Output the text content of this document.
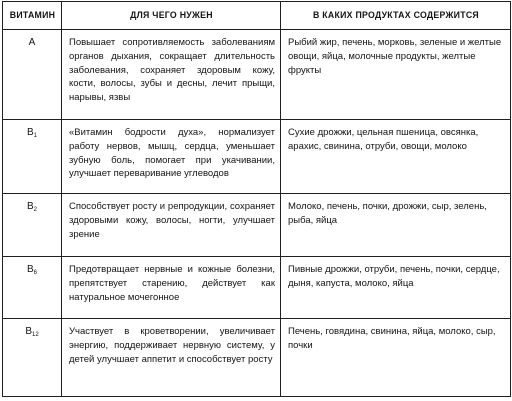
ВИТАМИН	ДЛЯ ЧЕГО НУЖЕН	В КАКИХ ПРОДУКТАХ СОДЕРЖИТСЯ
A	Повышает сопротивляемость заболеваниям органов дыхания, сокращает длительность заболевания, сохраняет здоровым кожу, кости, волосы, зубы и десны, лечит прыщи, нарывы, язвы	Рыбий жир, печень, морковь, зеленые и желтые овощи, яйца, молочные продукты, желтые фрукты

$B_1$	«Витамин бодрости духа», нормализует работу нервов, мышц, сердца, уменьшает зубную боль, помогает при укачивании, улучшает переваривание углеводов	Сухие дрожжи, цельная пшеница, овсянка, арахис, свинина, отруби, овощи, молоко

$B_2$	Способствует росту и репродукции, сохраняет здоровыми кожу, волосы, ногти, улучшает зрение	Молоко, печень, почки, дрожжи, сыр, зелень, рыба, яйца

$B_6$	Предотвращает нервные и кожные болезни, препятствует старению, действует как натуральное мочегонное	Пивные дрожжи, отруби, печень, почки, сердце, дыня, капуста, молоко, яйца

$B_{12}$	Участвует в кроветворении, увеличивает энергию, поддерживает нервную систему, у детей улучшает аппетит и способствует росту	Печень, говядина, свинина, яйца, молоко, сыр, почки
